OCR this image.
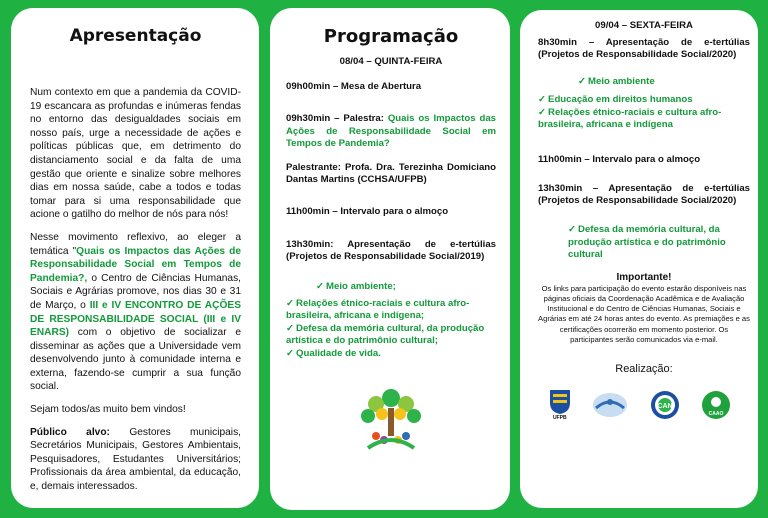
Apresentação

Num contexto em que a pandemia da COVID-19 escancara as profundas e inúmeras fendas no entorno das desigualdades sociais em nosso país, urge a necessidade de ações e políticas públicas que, em detrimento do distanciamento social e da falta de uma gestão que oriente e sinalize sobre melhores dias em nossa saúde, cabe a todos e todas tomar para si uma responsabilidade que acione o gatilho do melhor de nós para nós!

Nesse movimento reflexivo, ao eleger a temática "Quais os Impactos das Ações de Responsabilidade Social em Tempos de Pandemia?, o Centro de Ciências Humanas, Sociais e Agrárias promove, nos dias 30 e 31 de Março, o III e IV ENCONTRO DE AÇÕES DE RESPONSABILIDADE SOCIAL (III e IV ENARS) com o objetivo de socializar e disseminar as ações que a Universidade vem desenvolvendo junto à comunidade interna e externa, fazendo-se cumprir a sua função social.

Sejam todos/as muito bem vindos!

Público alvo: Gestores municipais, Secretários Municipais, Gestores Ambientais, Pesquisadores, Estudantes Universitários; Profissionais da área ambiental, da educação, e, demais interessados.

Programação
08/04 – QUINTA-FEIRA
09h00min – Mesa de Abertura
09h30min – Palestra: Quais os Impactos das Ações de Responsabilidade Social em Tempos de Pandemia?
Palestrante: Profa. Dra. Terezinha Domiciano Dantas Martins (CCHSA/UFPB)
11h00min – Intervalo para o almoço
13h30min: Apresentação de e-tertúlias (Projetos de Responsabilidade Social/2019)
✓ Meio ambiente;
✓ Relações étnico-raciais e cultura afro-brasileira, africana e indígena;
✓ Defesa da memória cultural, da produção artística e do patrimônio cultural;
✓ Qualidade de vida.
09/04 – SEXTA-FEIRA
8h30min – Apresentação de e-tertúlias (Projetos de Responsabilidade Social/2020)
✓ Meio ambiente
✓ Educação em direitos humanos
✓ Relações étnico-raciais e cultura afro-brasileira, africana e indígena
11h00min – Intervalo para o almoço
13h30min – Apresentação de e-tertúlias (Projetos de Responsabilidade Social/2020)
✓ Defesa da memória cultural, da produção artística e do patrimônio cultural
Importante!

Os links para participação do evento estarão disponíveis nas páginas oficiais da Coordenação Acadêmica e de Avaliação Institucional e do Centro de Ciências Humanas, Sociais e Agrárias em até 24 horas antes do evento. As premiações e as certificações ocorrerão em momento posterior. Os participantes serão comunicados via e-mail.

Realização:
UFPB
CAN
CAAO
